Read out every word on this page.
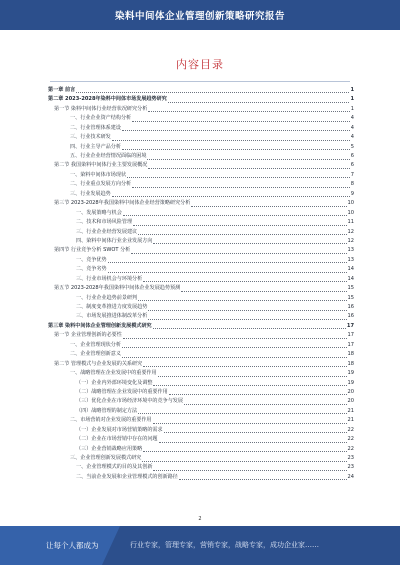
染料中间体企业管理创新策略研究报告
内容目录
第一章 前言	1
第二章 2023-2028年染料中间体市场发展趋势研究	1
第一节 染料中间体行业经营状况研究分析	1
一、行业企业资产结构分析	4
二、行业管理体系建设	4
三、行业技术研发	4
四、行业主导产品分析	5
五、行业企业经营情况面临的困境	6
第二节 我国染料中间体行业主要发展概况	6
一、染料中间体市场现状	7
二、行业重点发展方向分析	8
三、行业发展趋势	9
第三节 2023-2028年我国染料中间体企业经营策略研究分析	10
一、发展策略与机会	10
二、技术和市场风险管理	11
三、行业企业经营发展建议	12
四、染料中间体行业企业发展方向	12
第四节 行业竞争分析 SWOT 分析	13
一、竞争优势	13
二、竞争劣势	14
三、行业市场机会与环境分析	14
第五节 2023-2028年我国染料中间体企业发展趋势预测	15
一、行业企业趋势前景研判	15
二、制度变革推进力度发展趋势	16
三、市场发展推进体制改革分析	16
第三章 染料中间体企业管理创新发展模式研究	17
第一节 企业管理创新的必要性	17
一、企业管理现状分析	17
二、企业管理创新意义	18
第二节 管理模式与企业发展的关系研究	18
一、战略管理在企业发展中的重要作用	19
（一）企业内外部环境变化及调整	19
（二）战略管理在企业发展中的重要作用	20
（三）优化企业在市场经济环境中的竞争与发展	20
（四）战略管理的制定方法	21
二、市场营销对企业发展的重要作用	21
（一）企业发展对市场营销策略的需求	22
（二）企业在市场营销中存在的问题	22
（三）企业营销战略应用策略	22
三、企业管理创新发展模式研究	23
一、企业管理模式的目的及其创新	23
二、当前企业发展和企业管理模式的创新路径	24
2
让每个人都成为	行业专家，管理专家，营销专家，战略专家，成功企业家……
